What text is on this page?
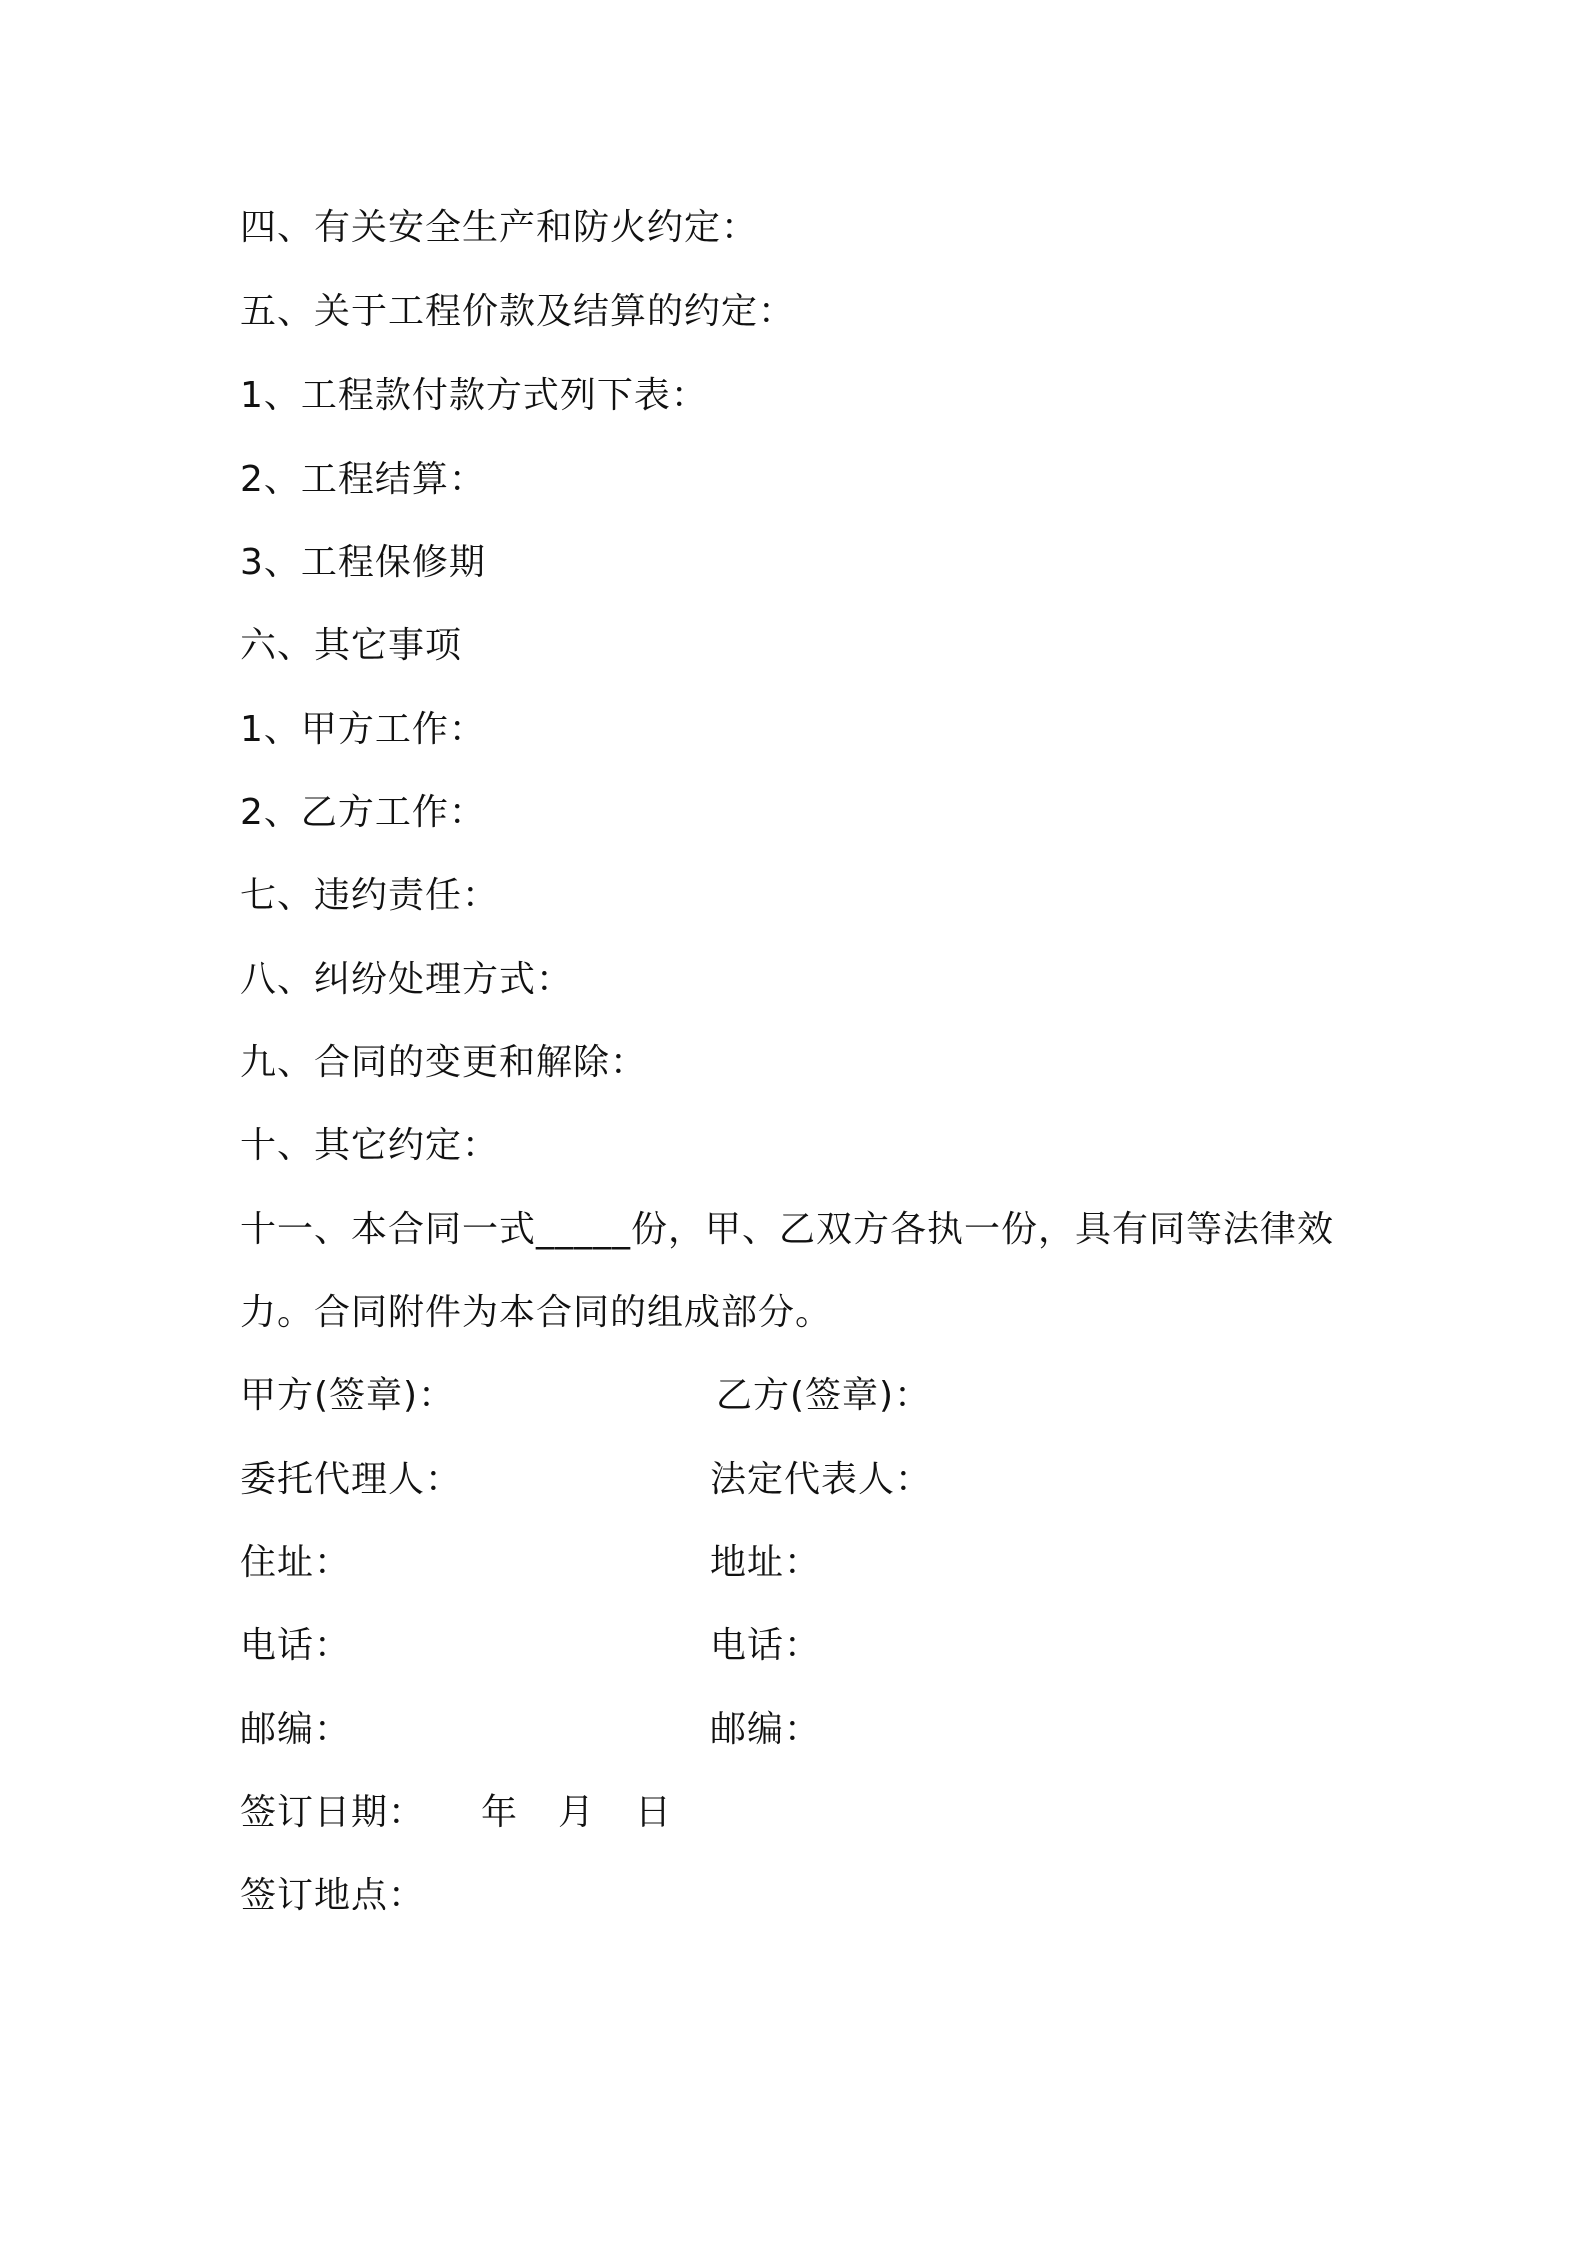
四、有关安全生产和防火约定：
五、关于工程价款及结算的约定：
1、工程款付款方式列下表：
2、工程结算：
3、工程保修期
六、其它事项
1、甲方工作：
2、乙方工作：
七、违约责任：
八、纠纷处理方式：
九、合同的变更和解除：
十、其它约定：
十一、本合同一式_____份，甲、乙双方各执一份，具有同等法律效
力。合同附件为本合同的组成部分。
甲方(签章)：	乙方(签章)：
委托代理人：	法定代表人：
住址：	地址：
电话：	电话：
邮编：	邮编：
签订日期： 年 月 日
签订地点：
